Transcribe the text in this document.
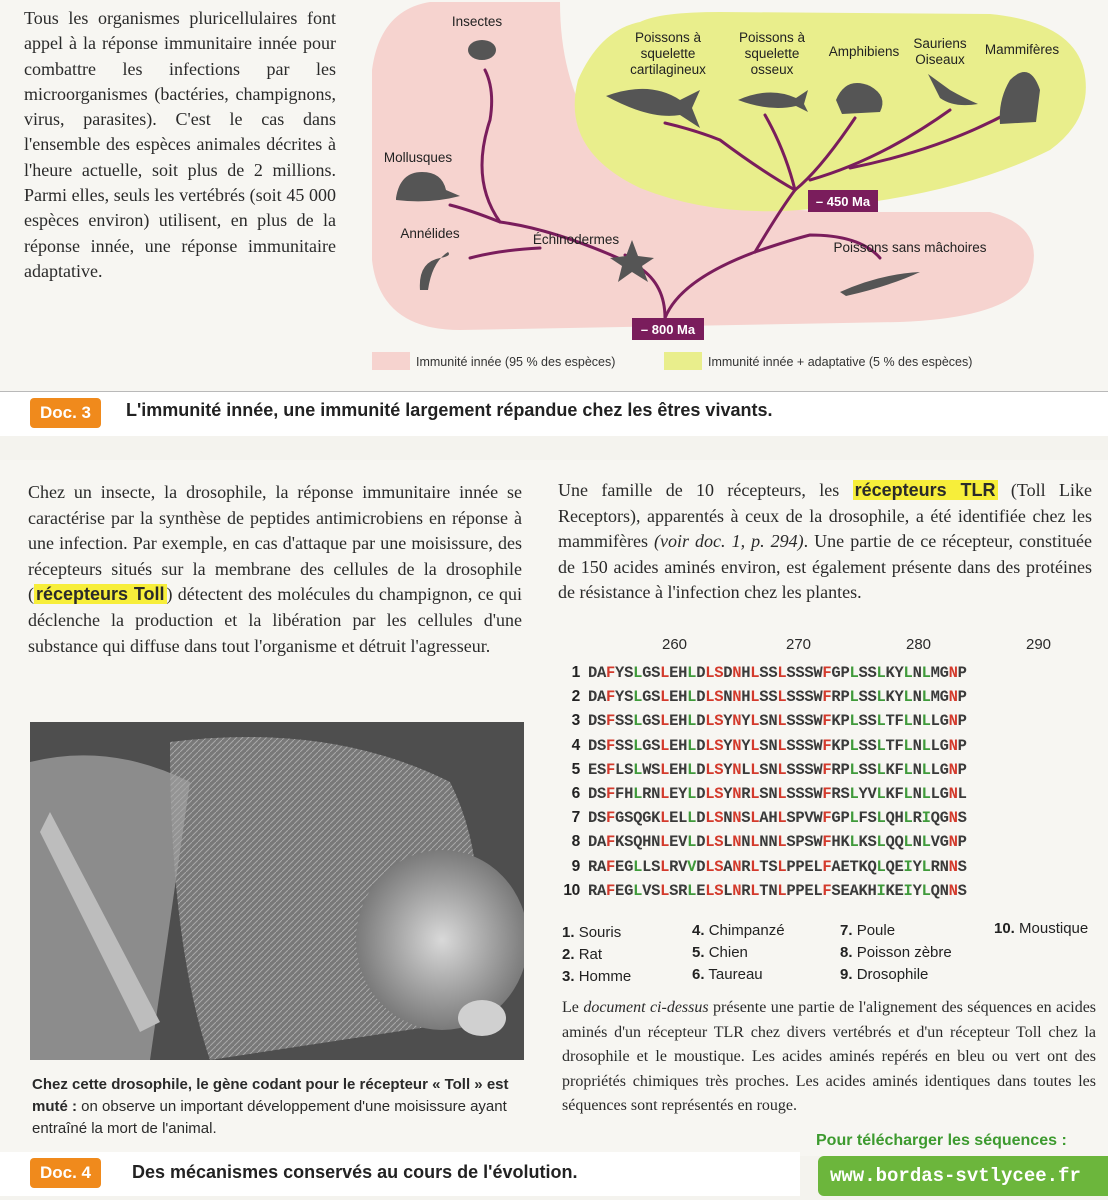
Tous les organismes pluricellulaires font appel à la réponse immunitaire innée pour combattre les infections par les microorganismes (bactéries, champignons, virus, parasites). C'est le cas dans l'ensemble des espèces animales décrites à l'heure actuelle, soit plus de 2 millions. Parmi elles, seuls les vertébrés (soit 45 000 espèces environ) utilisent, en plus de la réponse innée, une réponse immunitaire adaptative.

Insectes
Mollusques
Annélides	Échinodermes
Poissons à
squelette
cartilagineux
Poissons à
squelette
osseux
Amphibiens
Sauriens
Oiseaux
Mammifères
Poissons sans mâchoires
– 450 Ma
– 800 Ma
Immunité innée (95 % des espèces)	Immunité innée + adaptative (5 % des espèces)
Doc. 3	L'immunité innée, une immunité largement répandue chez les êtres vivants.

Chez un insecte, la drosophile, la réponse immunitaire innée se caractérise par la synthèse de peptides antimicrobiens en réponse à une infection. Par exemple, en cas d'attaque par une moisissure, des récepteurs situés sur la membrane des cellules de la drosophile ( récepteurs Toll ) détectent des molécules du champignon, ce qui déclenche la production et la libération par les cellules d'une substance qui diffuse dans tout l'organisme et détruit l'agresseur.

Chez cette drosophile, le gène codant pour le récepteur « Toll » est muté : on observe un important développement d'une moisissure ayant entraîné la mort de l'animal.

Une famille de 10 récepteurs, les récepteurs TLR (Toll Like Receptors), apparentés à ceux de la drosophile, a été identifiée chez les mammifères (voir doc. 1, p. 294). Une partie de ce récepteur, constituée de 150 acides aminés environ, est également présente dans des protéines de résistance à l'infection chez les plantes.

260	270	280	290
1 DAFYSLGSLEHLDLSDNHLSSLSSSWFGPLSSLKYLNLMGNP
2 DAFYSLGSLEHLDLSNNHLSSLSSSWFRPLSSLKYLNLMGNP
3 DSFSSLGSLEHLDLSYNYLSNLSSSWFKPLSSLTFLNLLGNP
4 DSFSSLGSLEHLDLSYNYLSNLSSSWFKPLSSLTFLNLLGNP
5 ESFLSLWSLEHLDLSYNLLSNLSSSWFRPLSSLKFLNLLGNP
6 DSFFHLRNLEYLDLSYNRLSNLSSSWFRSLYVLKFLNLLGNL
7 DSFGSQGKLELLDLSNNSLAHLSPVWFGPLFSLQHLRIQGNS
8 DAFKSQHNLEVLDLSLNNLNNLSPSWFHKLKSLQQLNLVGNP
9 RAFEGLLSLRVVDLSANRLTSLPPELFAETKQLQEIYLRNNS
10 RAFEGLVSLSRLELSLNRLTNLPPELFSEAKHIKEIYLQNNS
1. Souris
2. Rat
3. Homme
4. Chimpanzé
5. Chien
6. Taureau
7. Poule
8. Poisson zèbre
9. Drosophile
10. Moustique

Le document ci-dessus présente une partie de l'alignement des séquences en acides aminés d'un récepteur TLR chez divers vertébrés et d'un récepteur Toll chez la drosophile et le moustique. Les acides aminés repérés en bleu ou vert ont des propriétés chimiques très proches. Les acides aminés identiques dans toutes les séquences sont représentés en rouge.

Doc. 4	Des mécanismes conservés au cours de l'évolution.
Pour télécharger les séquences :
www.bordas-svtlycee.fr
